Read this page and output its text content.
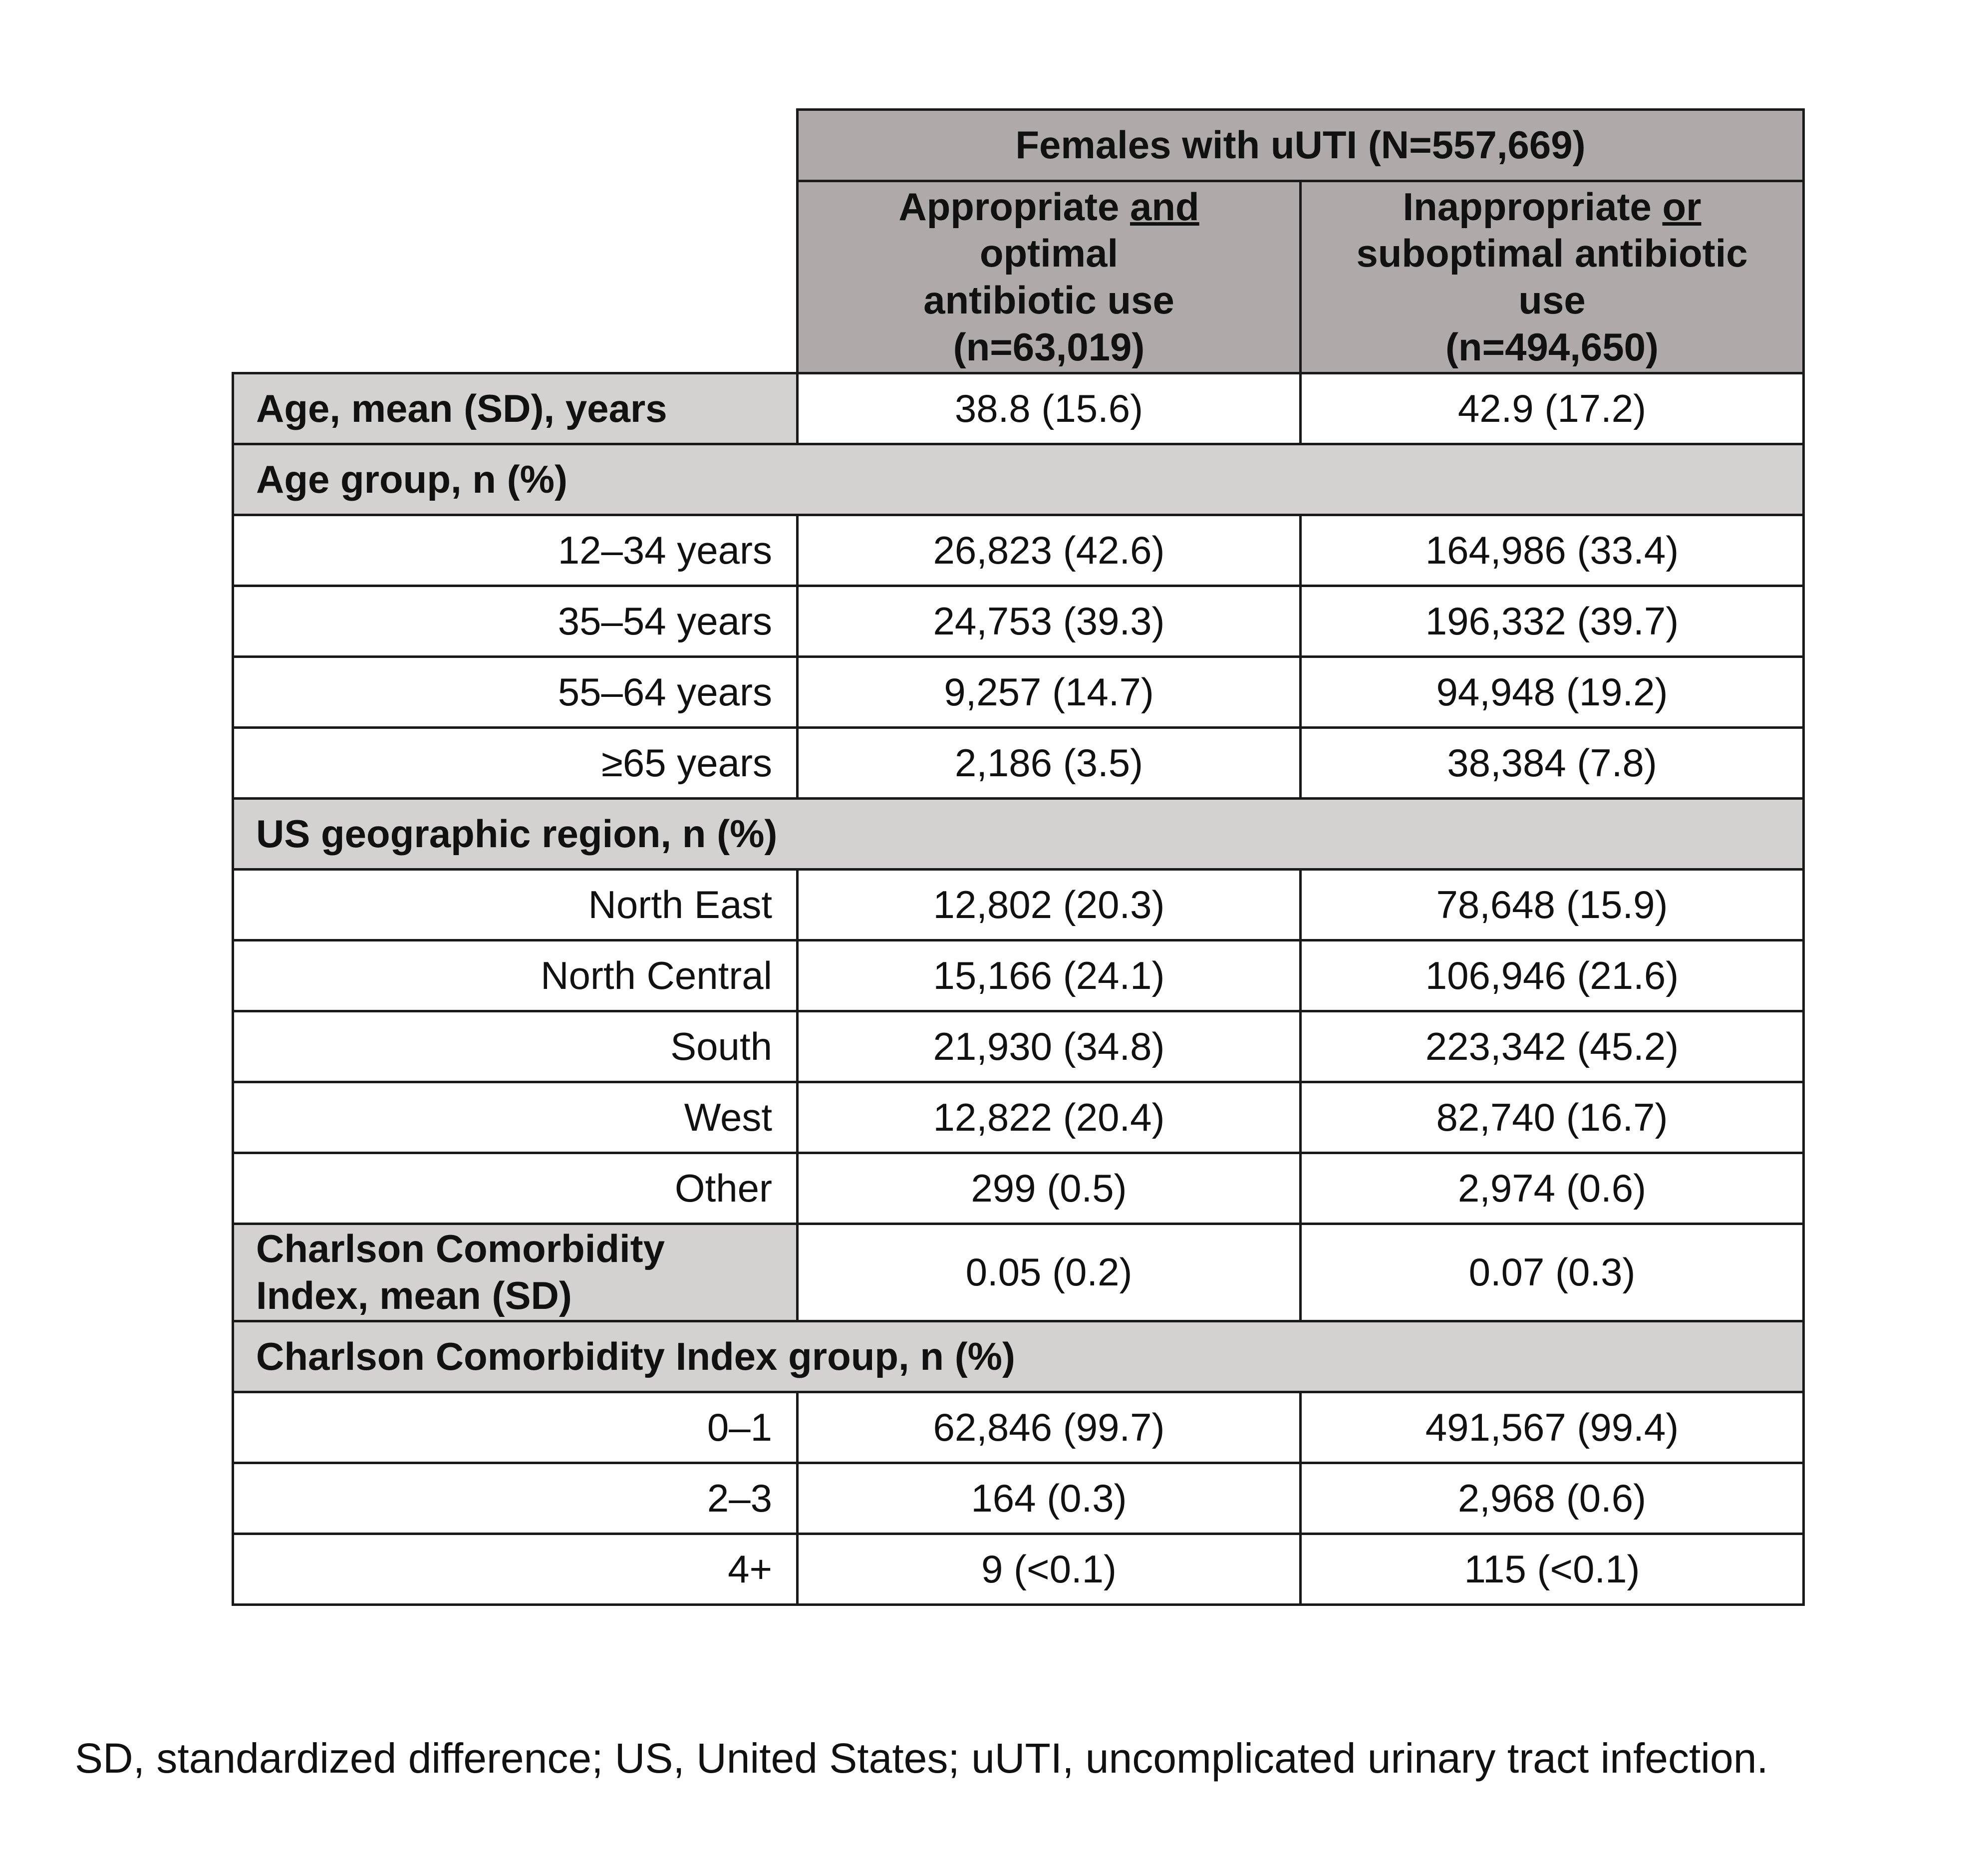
	Females with uUTI (N=557,669)	
	Appropriate and
optimal
antibiotic use
(n=63,019)	Inappropriate or
suboptimal antibiotic
use
(n=494,650)
Age, mean (SD), years	38.8 (15.6)	42.9 (17.2)
Age group, n (%)		
12–34 years	26,823 (42.6)	164,986 (33.4)
35–54 years	24,753 (39.3)	196,332 (39.7)
55–64 years	9,257 (14.7)	94,948 (19.2)
≥65 years	2,186 (3.5)	38,384 (7.8)
US geographic region, n (%)		
North East	12,802 (20.3)	78,648 (15.9)
North Central	15,166 (24.1)	106,946 (21.6)
South	21,930 (34.8)	223,342 (45.2)
West	12,822 (20.4)	82,740 (16.7)
Other	299 (0.5)	2,974 (0.6)
Charlson Comorbidity
Index, mean (SD)	0.05 (0.2)	0.07 (0.3)
Charlson Comorbidity Index group, n (%)		
0–1	62,846 (99.7)	491,567 (99.4)
2–3	164 (0.3)	2,968 (0.6)
4+	9 (<0.1)	115 (<0.1)
SD, standardized difference; US, United States; uUTI, uncomplicated urinary tract infection.
